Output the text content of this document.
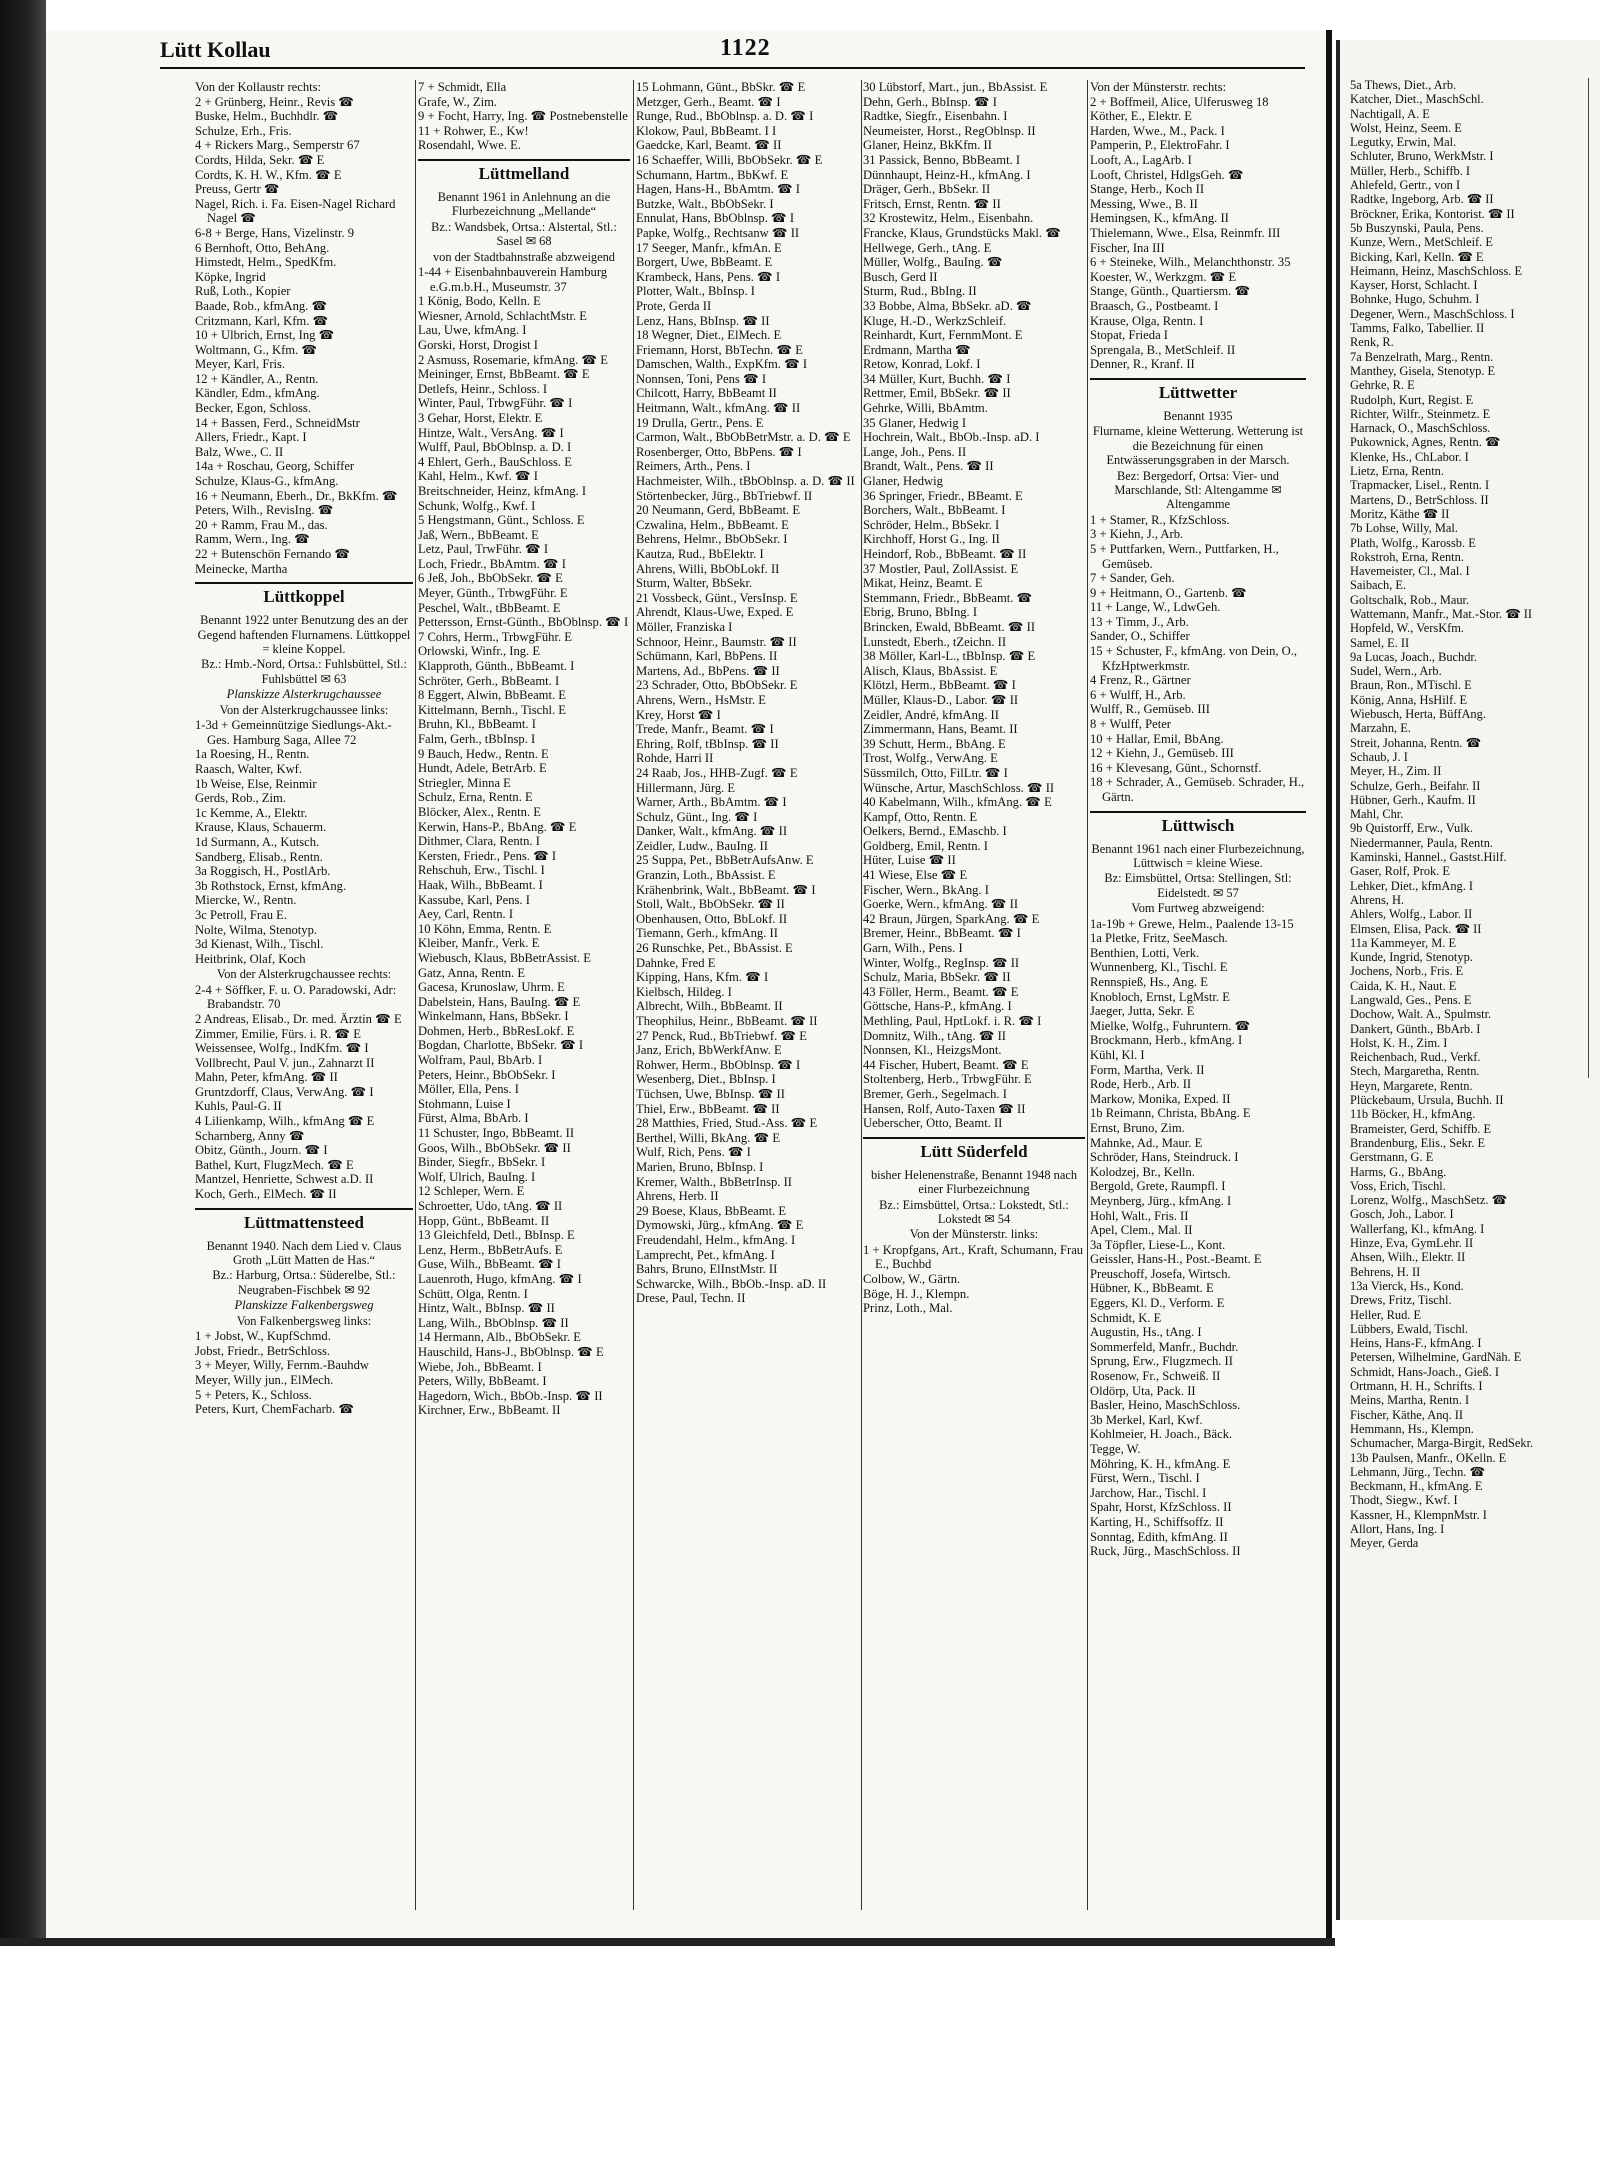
Lütt Kollau	1122

Von der Kollaustr rechts:

2 + Grünberg, Heinr., Revis ☎

Buske, Helm., Buchhdlr. ☎

Schulze, Erh., Fris.

4 + Rickers Marg., Semperstr 67

Cordts, Hilda, Sekr. ☎ E

Cordts, K. H. W., Kfm. ☎ E

Preuss, Gertr ☎

Nagel, Rich. i. Fa. Eisen-Nagel Richard Nagel ☎

6-8 + Berge, Hans, Vizelinstr. 9

6 Bernhoft, Otto, BehAng.

Himstedt, Helm., SpedKfm.

Köpke, Ingrid

Ruß, Loth., Kopier

Baade, Rob., kfmAng. ☎

Critzmann, Karl, Kfm. ☎

10 + Ulbrich, Ernst, Ing ☎

Woltmann, G., Kfm. ☎

Meyer, Karl, Fris.

12 + Kändler, A., Rentn.

Kändler, Edm., kfmAng.

Becker, Egon, Schloss.

14 + Bassen, Ferd., SchneidMstr

Allers, Friedr., Kapt. I

Balz, Wwe., C. II

14a + Roschau, Georg, Schiffer

Schulze, Klaus-G., kfmAng.

16 + Neumann, Eberh., Dr., BkKfm. ☎

Peters, Wilh., RevisIng. ☎

20 + Ramm, Frau M., das.

Ramm, Wern., Ing. ☎

22 + Butenschön Fernando ☎

Meinecke, Martha

Lüttkoppel
Benannt 1922 unter Benutzung des an der Gegend haftenden Flurnamens. Lüttkoppel = kleine Koppel.
Bz.: Hmb.-Nord, Ortsa.: Fuhlsbüttel, Stl.: Fuhlsbüttel ✉ 63
Planskizze Alsterkrugchaussee
Von der Alsterkrugchaussee links:

1-3d + Gemeinnützige Siedlungs-Akt.-Ges. Hamburg Saga, Allee 72

1a Roesing, H., Rentn.

Raasch, Walter, Kwf.

1b Weise, Else, Reinmir

Gerds, Rob., Zim.

1c Kemme, A., Elektr.

Krause, Klaus, Schauerm.

1d Surmann, A., Kutsch.

Sandberg, Elisab., Rentn.

3a Roggisch, H., PostlArb.

3b Rothstock, Ernst, kfmAng.

Miercke, W., Rentn.

3c Petroll, Frau E.

Nolte, Wilma, Stenotyp.

3d Kienast, Wilh., Tischl.

Heitbrink, Olaf, Koch

Von der Alsterkrugchaussee rechts:

2-4 + Söffker, F. u. O. Paradowski, Adr: Brabandstr. 70

2 Andreas, Elisab., Dr. med. Ärztin ☎ E

Zimmer, Emilie, Fürs. i. R. ☎ E

Weissensee, Wolfg., IndKfm. ☎ I

Vollbrecht, Paul V. jun., Zahnarzt II

Mahn, Peter, kfmAng. ☎ II

Gruntzdorff, Claus, VerwAng. ☎ I

Kuhls, Paul-G. II

4 Lilienkamp, Wilh., kfmAng ☎ E

Scharnberg, Anny ☎

Obitz, Günth., Journ. ☎ I

Bathel, Kurt, FlugzMech. ☎ E

Mantzel, Henriette, Schwest a.D. II

Koch, Gerh., ElMech. ☎ II

Lüttmattensteed
Benannt 1940. Nach dem Lied v. Claus Groth „Lütt Matten de Has.“
Bz.: Harburg, Ortsa.: Süderelbe, Stl.: Neugraben-Fischbek ✉ 92
Planskizze Falkenbergsweg
Von Falkenbergsweg links:

1 + Jobst, W., KupfSchmd.

Jobst, Friedr., BetrSchloss.

3 + Meyer, Willy, Fernm.-Bauhdw

Meyer, Willy jun., ElMech.

5 + Peters, K., Schloss.

Peters, Kurt, ChemFacharb. ☎

7 + Schmidt, Ella

Grafe, W., Zim.

9 + Focht, Harry, Ing. ☎ Postnebenstelle

11 + Rohwer, E., Kw!

Rosendahl, Wwe. E.

Lüttmelland
Benannt 1961 in Anlehnung an die Flurbezeichnung „Mellande“
Bz.: Wandsbek, Ortsa.: Alstertal, Stl.: Sasel ✉ 68
von der Stadtbahnstraße abzweigend

1-44 + Eisenbahnbauverein Hamburg e.G.m.b.H., Museumstr. 37

1 König, Bodo, Kelln. E

Wiesner, Arnold, SchlachtMstr. E

Lau, Uwe, kfmAng. I

Gorski, Horst, Drogist I

2 Asmuss, Rosemarie, kfmAng. ☎ E

Meininger, Ernst, BbBeamt. ☎ E

Detlefs, Heinr., Schloss. I

Winter, Paul, TrbwgFühr. ☎ I

3 Gehar, Horst, Elektr. E

Hintze, Walt., VersAng. ☎ I

Wulff, Paul, BbOblnsp. a. D. I

4 Ehlert, Gerh., BauSchloss. E

Kahl, Helm., Kwf. ☎ I

Breitschneider, Heinz, kfmAng. I

Schunk, Wolfg., Kwf. I

5 Hengstmann, Günt., Schloss. E

Jaß, Wern., BbBeamt. E

Letz, Paul, TrwFühr. ☎ I

Loch, Friedr., BbAmtm. ☎ I

6 Jeß, Joh., BbObSekr. ☎ E

Meyer, Günth., TrbwgFühr. E

Peschel, Walt., tBbBeamt. E

Pettersson, Ernst-Günth., BbOblnsp. ☎ I

7 Cohrs, Herm., TrbwgFühr. E

Orlowski, Winfr., Ing. E

Klapproth, Günth., BbBeamt. I

Schröter, Gerh., BbBeamt. I

8 Eggert, Alwin, BbBeamt. E

Kittelmann, Bernh., Tischl. E

Bruhn, Kl., BbBeamt. I

Falm, Gerh., tBbInsp. I

9 Bauch, Hedw., Rentn. E

Hundt, Adele, BetrArb. E

Striegler, Minna E

Schulz, Erna, Rentn. E

Blöcker, Alex., Rentn. E

Kerwin, Hans-P., BbAng. ☎ E

Dithmer, Clara, Rentn. I

Kersten, Friedr., Pens. ☎ I

Rehschuh, Erw., Tischl. I

Haak, Wilh., BbBeamt. I

Kassube, Karl, Pens. I

Aey, Carl, Rentn. I

10 Köhn, Emma, Rentn. E

Kleiber, Manfr., Verk. E

Wiebusch, Klaus, BbBetrAssist. E

Gatz, Anna, Rentn. E

Gacesa, Krunoslaw, Uhrm. E

Dabelstein, Hans, BauIng. ☎ E

Winkelmann, Hans, BbSekr. I

Dohmen, Herb., BbResLokf. E

Bogdan, Charlotte, BbSekr. ☎ I

Wolfram, Paul, BbArb. I

Peters, Heinr., BbObSekr. I

Möller, Ella, Pens. I

Stohmann, Luise I

Fürst, Alma, BbArb. I

11 Schuster, Ingo, BbBeamt. II

Goos, Wilh., BbObSekr. ☎ II

Binder, Siegfr., BbSekr. I

Wolf, Ulrich, BauIng. I

12 Schleper, Wern. E

Schroetter, Udo, tAng. ☎ II

Hopp, Günt., BbBeamt. II

13 Gleichfeld, Detl., BbInsp. E

Lenz, Herm., BbBetrAufs. E

Guse, Wilh., BbBeamt. ☎ I

Lauenroth, Hugo, kfmAng. ☎ I

Schütt, Olga, Rentn. I

Hintz, Walt., BbInsp. ☎ II

Lang, Wilh., BbOblnsp. ☎ II

14 Hermann, Alb., BbObSekr. E

Hauschild, Hans-J., BbOblnsp. ☎ E

Wiebe, Joh., BbBeamt. I

Peters, Willy, BbBeamt. I

Hagedorn, Wich., BbOb.-Insp. ☎ II

Kirchner, Erw., BbBeamt. II

15 Lohmann, Günt., BbSkr. ☎ E

Metzger, Gerh., Beamt. ☎ I

Runge, Rud., BbOblnsp. a. D. ☎ I

Klokow, Paul, BbBeamt. I I

Gaedcke, Karl, Beamt. ☎ II

16 Schaeffer, Willi, BbObSekr. ☎ E

Schumann, Hartm., BbKwf. E

Hagen, Hans-H., BbAmtm. ☎ I

Butzke, Walt., BbObSekr. I

Ennulat, Hans, BbOblnsp. ☎ I

Papke, Wolfg., Rechtsanw ☎ II

17 Seeger, Manfr., kfmAn. E

Borgert, Uwe, BbBeamt. E

Krambeck, Hans, Pens. ☎ I

Plotter, Walt., BbInsp. I

Prote, Gerda II

Lenz, Hans, BbInsp. ☎ II

18 Wegner, Diet., ElMech. E

Friemann, Horst, BbTechn. ☎ E

Damschen, Walth., ExpKfm. ☎ I

Nonnsen, Toni, Pens ☎ I

Chilcott, Harry, BbBeamt II

Heitmann, Walt., kfmAng. ☎ II

19 Drulla, Gertr., Pens. E

Carmon, Walt., BbObBetrMstr. a. D. ☎ E

Rosenberger, Otto, BbPens. ☎ I

Reimers, Arth., Pens. I

Hachmeister, Wilh., tBbOblnsp. a. D. ☎ II

Störtenbecker, Jürg., BbTriebwf. II

20 Neumann, Gerd, BbBeamt. E

Czwalina, Helm., BbBeamt. E

Behrens, Helmr., BbObSekr. I

Kautza, Rud., BbElektr. I

Ahrens, Willi, BbObLokf. II

Sturm, Walter, BbSekr.

21 Vossbeck, Günt., VersInsp. E

Ahrendt, Klaus-Uwe, Exped. E

Möller, Franziska I

Schnoor, Heinr., Baumstr. ☎ II

Schümann, Karl, BbPens. II

Martens, Ad., BbPens. ☎ II

23 Schrader, Otto, BbObSekr. E

Ahrens, Wern., HsMstr. E

Krey, Horst ☎ I

Trede, Manfr., Beamt. ☎ I

Ehring, Rolf, tBbInsp. ☎ II

Rohde, Harri II

24 Raab, Jos., HHB-Zugf. ☎ E

Hillermann, Jürg. E

Warner, Arth., BbAmtm. ☎ I

Schulz, Günt., Ing. ☎ I

Danker, Walt., kfmAng. ☎ II

Zeidler, Ludw., BauIng. II

25 Suppa, Pet., BbBetrAufsAnw. E

Granzin, Loth., BbAssist. E

Krähenbrink, Walt., BbBeamt. ☎ I

Stoll, Walt., BbObSekr. ☎ II

Obenhausen, Otto, BbLokf. II

Tiemann, Gerh., kfmAng. II

26 Runschke, Pet., BbAssist. E

Dahnke, Fred E

Kipping, Hans, Kfm. ☎ I

Kielbsch, Hildeg. I

Albrecht, Wilh., BbBeamt. II

Theophilus, Heinr., BbBeamt. ☎ II

27 Penck, Rud., BbTriebwf. ☎ E

Janz, Erich, BbWerkfAnw. E

Rohwer, Herm., BbOblnsp. ☎ I

Wesenberg, Diet., BbInsp. I

Tüchsen, Uwe, BbInsp. ☎ II

Thiel, Erw., BbBeamt. ☎ II

28 Matthies, Fried, Stud.-Ass. ☎ E

Berthel, Willi, BkAng. ☎ E

Wulf, Rich, Pens. ☎ I

Marien, Bruno, BbInsp. I

Kremer, Walth., BbBetrInsp. II

Ahrens, Herb. II

29 Boese, Klaus, BbBeamt. E

Dymowski, Jürg., kfmAng. ☎ E

Freudendahl, Helm., kfmAng. I

Lamprecht, Pet., kfmAng. I

Bahrs, Bruno, ElInstMstr. II

Schwarcke, Wilh., BbOb.-Insp. aD. II

Drese, Paul, Techn. II

30 Lübstorf, Mart., jun., BbAssist. E

Dehn, Gerh., BbInsp. ☎ I

Radtke, Siegfr., Eisenbahn. I

Neumeister, Horst., RegOblnsp. II

Glaner, Heinz, BkKfm. II

31 Passick, Benno, BbBeamt. I

Dünnhaupt, Heinz-H., kfmAng. I

Dräger, Gerh., BbSekr. II

Fritsch, Ernst, Rentn. ☎ II

32 Krostewitz, Helm., Eisenbahn.

Francke, Klaus, Grundstücks Makl. ☎

Hellwege, Gerh., tAng. E

Müller, Wolfg., BauIng. ☎

Busch, Gerd II

Sturm, Rud., BbIng. II

33 Bobbe, Alma, BbSekr. aD. ☎

Kluge, H.-D., WerkzSchleif.

Reinhardt, Kurt, FernmMont. E

Erdmann, Martha ☎

Retow, Konrad, Lokf. I

34 Müller, Kurt, Buchh. ☎ I

Rettmer, Emil, BbSekr. ☎ II

Gehrke, Willi, BbAmtm.

35 Glaner, Hedwig I

Hochrein, Walt., BbOb.-Insp. aD. I

Lange, Joh., Pens. II

Brandt, Walt., Pens. ☎ II

Glaner, Hedwig

36 Springer, Friedr., BBeamt. E

Borchers, Walt., BbBeamt. I

Schröder, Helm., BbSekr. I

Kirchhoff, Horst G., Ing. II

Heindorf, Rob., BbBeamt. ☎ II

37 Mostler, Paul, ZollAssist. E

Mikat, Heinz, Beamt. E

Stemmann, Friedr., BbBeamt. ☎

Ebrig, Bruno, BbIng. I

Brincken, Ewald, BbBeamt. ☎ II

Lunstedt, Eberh., tZeichn. II

38 Möller, Karl-L., tBbInsp. ☎ E

Alisch, Klaus, BbAssist. E

Klötzl, Herm., BbBeamt. ☎ I

Müller, Klaus-D., Labor. ☎ II

Zeidler, André, kfmAng. II

Zimmermann, Hans, Beamt. II

39 Schutt, Herm., BbAng. E

Trost, Wolfg., VerwAng. E

Süssmilch, Otto, FilLtr. ☎ I

Wünsche, Artur, MaschSchloss. ☎ II

40 Kabelmann, Wilh., kfmAng. ☎ E

Kampf, Otto, Rentn. E

Oelkers, Bernd., EMaschb. I

Goldberg, Emil, Rentn. I

Hüter, Luise ☎ II

41 Wiese, Else ☎ E

Fischer, Wern., BkAng. I

Goerke, Wern., kfmAng. ☎ II

42 Braun, Jürgen, SparkAng. ☎ E

Bremer, Heinr., BbBeamt. ☎ I

Garn, Wilh., Pens. I

Winter, Wolfg., RegInsp. ☎ II

Schulz, Maria, BbSekr. ☎ II

43 Föller, Herm., Beamt. ☎ E

Göttsche, Hans-P., kfmAng. I

Methling, Paul, HptLokf. i. R. ☎ I

Domnitz, Wilh., tAng. ☎ II

Nonnsen, Kl., HeizgsMont.

44 Fischer, Hubert, Beamt. ☎ E

Stoltenberg, Herb., TrbwgFühr. E

Bremer, Gerh., Segelmach. I

Hansen, Rolf, Auto-Taxen ☎ II

Ueberscher, Otto, Beamt. II

Lütt Süderfeld
bisher Helenenstraße, Benannt 1948 nach einer Flurbezeichnung
Bz.: Eimsbüttel, Ortsa.: Lokstedt, Stl.: Lokstedt ✉ 54
Von der Münsterstr. links:

1 + Kropfgans, Art., Kraft, Schumann, Frau E., Buchbd

Colbow, W., Gärtn.

Böge, H. J., Klempn.

Prinz, Loth., Mal.

Von der Münsterstr. rechts:

2 + Boffmeil, Alice, Ulferusweg 18

Köther, E., Elektr. E

Harden, Wwe., M., Pack. I

Pamperin, P., ElektroFahr. I

Looft, A., LagArb. I

Looft, Christel, HdlgsGeh. ☎

Stange, Herb., Koch II

Messing, Wwe., B. II

Hemingsen, K., kfmAng. II

Thielemann, Wwe., Elsa, Reinmfr. III

Fischer, Ina III

6 + Steineke, Wilh., Melanchthonstr. 35

Koester, W., Werkzgm. ☎ E

Stange, Günth., Quartiersm. ☎

Braasch, G., Postbeamt. I

Krause, Olga, Rentn. I

Stopat, Frieda I

Sprengala, B., MetSchleif. II

Denner, R., Kranf. II

Lüttwetter
Benannt 1935
Flurname, kleine Wetterung. Wetterung ist die Bezeichnung für einen Entwässerungsgraben in der Marsch.
Bez: Bergedorf, Ortsa: Vier- und Marschlande, Stl: Altengamme ✉ Altengamme

1 + Stamer, R., KfzSchloss.

3 + Kiehn, J., Arb.

5 + Puttfarken, Wern., Puttfarken, H., Gemüseb.

7 + Sander, Geh.

9 + Heitmann, O., Gartenb. ☎

11 + Lange, W., LdwGeh.

13 + Timm, J., Arb.

Sander, O., Schiffer

15 + Schuster, F., kfmAng. von Dein, O., KfzHptwerkmstr.

4 Frenz, R., Gärtner

6 + Wulff, H., Arb.

Wulff, R., Gemüseb. III

8 + Wulff, Peter

10 + Hallar, Emil, BbAng.

12 + Kiehn, J., Gemüseb. III

16 + Klevesang, Günt., Schornstf.

18 + Schrader, A., Gemüseb. Schrader, H., Gärtn.

Lüttwisch
Benannt 1961 nach einer Flurbezeichnung, Lüttwisch = kleine Wiese.
Bz: Eimsbüttel, Ortsa: Stellingen, Stl: Eidelstedt. ✉ 57
Vom Furtweg abzweigend:

1a-19b + Grewe, Helm., Paalende 13-15

1a Pletke, Fritz, SeeMasch.

Benthien, Lotti, Verk.

Wunnenberg, Kl., Tischl. E

Rennspieß, Hs., Ang. E

Knobloch, Ernst, LgMstr. E

Jaeger, Jutta, Sekr. E

Mielke, Wolfg., Fuhruntern. ☎

Brockmann, Herb., kfmAng. I

Kühl, Kl. I

Form, Martha, Verk. II

Rode, Herb., Arb. II

Markow, Monika, Exped. II

1b Reimann, Christa, BbAng. E

Ernst, Bruno, Zim.

Mahnke, Ad., Maur. E

Schröder, Hans, Steindruck. I

Kolodzej, Br., Kelln.

Bergold, Grete, Raumpfl. I

Meynberg, Jürg., kfmAng. I

Hohl, Walt., Fris. II

Apel, Clem., Mal. II

3a Töpfler, Liese-L., Kont.

Geissler, Hans-H., Post.-Beamt. E

Preuschoff, Josefa, Wirtsch.

Hübner, K., BbBeamt. E

Eggers, Kl. D., Verform. E

Schmidt, K. E

Augustin, Hs., tAng. I

Sommerfeld, Manfr., Buchdr.

Sprung, Erw., Flugzmech. II

Rosenow, Fr., Schweiß. II

Oldörp, Uta, Pack. II

Basler, Heino, MaschSchloss.

3b Merkel, Karl, Kwf.

Kohlmeier, H. Joach., Bäck.

Tegge, W.

Möhring, K. H., kfmAng. E

Fürst, Wern., Tischl. I

Jarchow, Har., Tischl. I

Spahr, Horst, KfzSchloss. II

Karting, H., Schiffsoffz. II

Sonntag, Edith, kfmAng. II

Ruck, Jürg., MaschSchloss. II

5a Thews, Diet., Arb.

Katcher, Diet., MaschSchl.

Nachtigall, A. E

Wolst, Heinz, Seem. E

Legutky, Erwin, Mal.

Schluter, Bruno, WerkMstr. I

Müller, Herb., Schiffb. I

Ahlefeld, Gertr., von I

Radtke, Ingeborg, Arb. ☎ II

Bröckner, Erika, Kontorist. ☎ II

5b Buszynski, Paula, Pens.

Kunze, Wern., MetSchleif. E

Bicking, Karl, Kelln. ☎ E

Heimann, Heinz, MaschSchloss. E

Kayser, Horst, Schlacht. I

Bohnke, Hugo, Schuhm. I

Degener, Wern., MaschSchloss. I

Tamms, Falko, Tabellier. II

Renk, R.

7a Benzelrath, Marg., Rentn.

Manthey, Gisela, Stenotyp. E

Gehrke, R. E

Rudolph, Kurt, Regist. E

Richter, Wilfr., Steinmetz. E

Harnack, O., MaschSchloss.

Pukownick, Agnes, Rentn. ☎

Klenke, Hs., ChLabor. I

Lietz, Erna, Rentn.

Trapmacker, Lisel., Rentn. I

Martens, D., BetrSchloss. II

Moritz, Käthe ☎ II

7b Lohse, Willy, Mal.

Plath, Wolfg., Karossb. E

Rokstroh, Erna, Rentn.

Havemeister, Cl., Mal. I

Saibach, E.

Goltschalk, Rob., Maur.

Wattemann, Manfr., Mat.-Stor. ☎ II

Hopfeld, W., VersKfm.

Samel, E. II

9a Lucas, Joach., Buchdr.

Sudel, Wern., Arb.

Braun, Ron., MTischl. E

König, Anna, HsHilf. E

Wiebusch, Herta, BüffAng.

Marzahn, E.

Streit, Johanna, Rentn. ☎

Schaub, J. I

Meyer, H., Zim. II

Schulze, Gerh., Beifahr. II

Hübner, Gerh., Kaufm. II

Mahl, Chr.

9b Quistorff, Erw., Vulk.

Niedermanner, Paula, Rentn.

Kaminski, Hannel., Gastst.Hilf.

Gaser, Rolf, Prok. E

Lehker, Diet., kfmAng. I

Ahrens, H.

Ahlers, Wolfg., Labor. II

Elmsen, Elisa, Pack. ☎ II

11a Kammeyer, M. E

Kunde, Ingrid, Stenotyp.

Jochens, Norb., Fris. E

Caida, K. H., Naut. E

Langwald, Ges., Pens. E

Dochow, Walt. A., Spulmstr.

Dankert, Günth., BbArb. I

Holst, K. H., Zim. I

Reichenbach, Rud., Verkf.

Stech, Margaretha, Rentn.

Heyn, Margarete, Rentn.

Plückebaum, Ursula, Buchh. II

11b Böcker, H., kfmAng.

Brameister, Gerd, Schiffb. E

Brandenburg, Elis., Sekr. E

Gerstmann, G. E

Harms, G., BbAng.

Voss, Erich, Tischl.

Lorenz, Wolfg., MaschSetz. ☎

Gosch, Joh., Labor. I

Wallerfang, Kl., kfmAng. I

Hinze, Eva, GymLehr. II

Ahsen, Wilh., Elektr. II

Behrens, H. II

13a Vierck, Hs., Kond.

Drews, Fritz, Tischl.

Heller, Rud. E

Lübbers, Ewald, Tischl.

Heins, Hans-F., kfmAng. I

Petersen, Wilhelmine, GardNäh. E

Schmidt, Hans-Joach., Gieß. I

Ortmann, H. H., Schrifts. I

Meins, Martha, Rentn. I

Fischer, Käthe, Anq. II

Hemmann, Hs., Klempn.

Schumacher, Marga-Birgit, RedSekr.

13b Paulsen, Manfr., OKelln. E

Lehmann, Jürg., Techn. ☎

Beckmann, H., kfmAng. E

Thodt, Siegw., Kwf. I

Kassner, H., KlempnMstr. I

Allort, Hans, Ing. I

Meyer, Gerda
